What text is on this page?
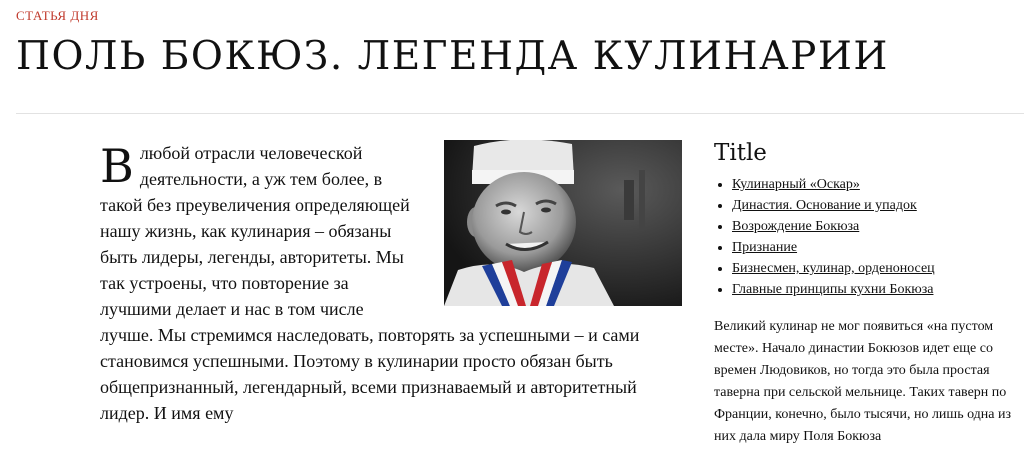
СТАТЬЯ ДНЯ
ПОЛЬ БОКЮЗ. ЛЕГЕНДА КУЛИНАРИИ
В любой отрасли человеческой деятельности, а уж тем более, в такой без преувеличения определяющей нашу жизнь, как кулинария – обязаны быть лидеры, легенды, авторитеты. Мы так устроены, что повторение за лучшими делает и нас в том числе лучше. Мы стремимся наследовать, повторять за успешными – и сами становимся успешными. Поэтому в кулинарии просто обязан быть общепризнанный, легендарный, всеми признаваемый и авторитетный лидер. И имя ему
Title
• Кулинарный «Оскар»
• Династия. Основание и упадок
• Возрождение Бокюза
• Признание
• Бизнесмен, кулинар, орденоносец
• Главные принципы кухни Бокюза
Великий кулинар не мог появиться «на пустом месте». Начало династии Бокюзов идет еще со времен Людовиков, но тогда это была простая таверна при сельской мельнице. Таких таверн по Франции, конечно, было тысячи, но лишь одна из них дала миру Поля Бокюза
